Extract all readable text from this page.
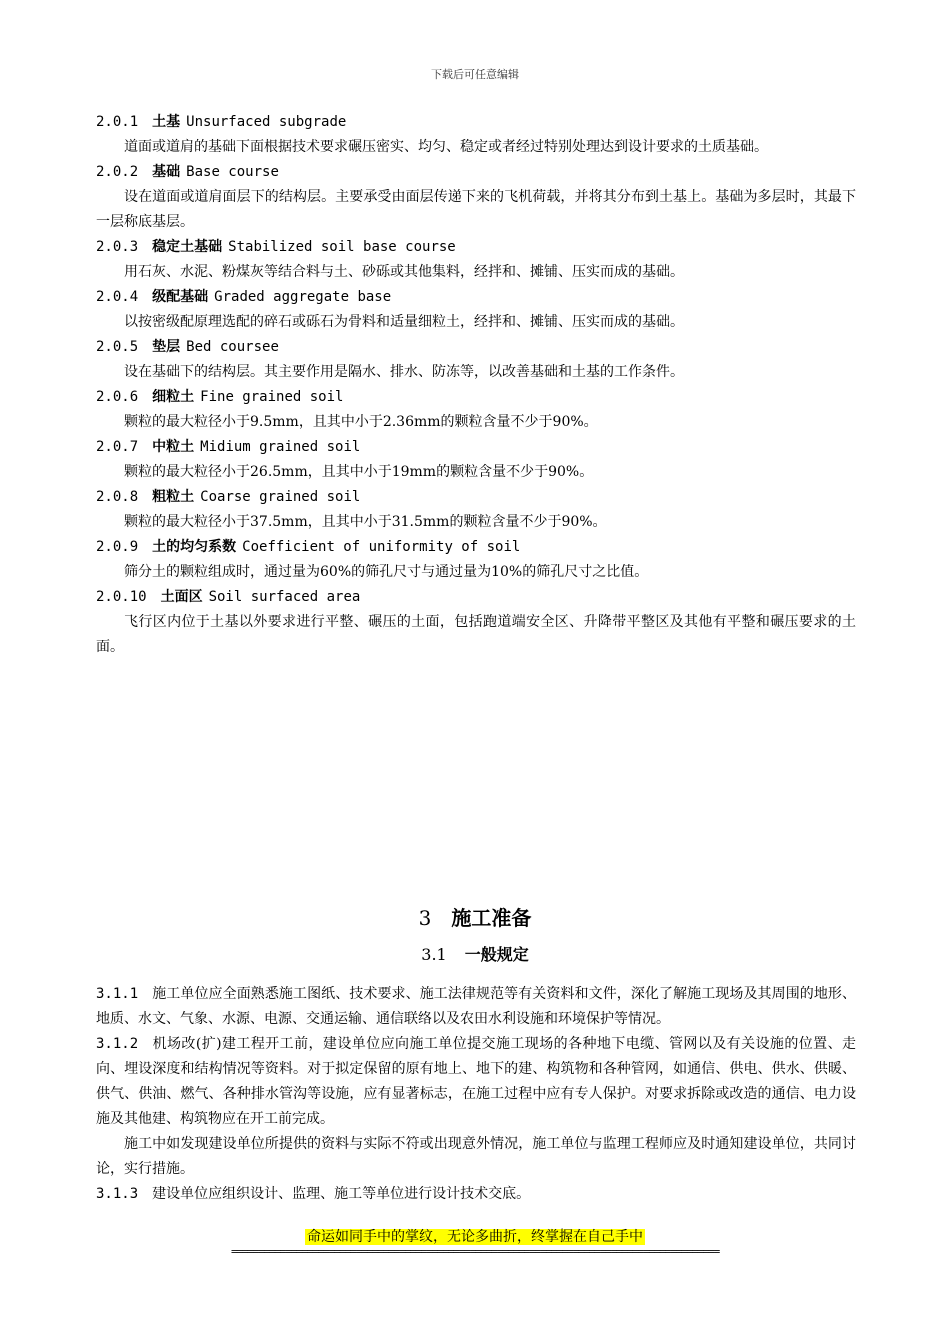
下载后可任意编辑
2.0.1 土基 Unsurfaced subgrade
道面或道肩的基础下面根据技术要求碾压密实、均匀、稳定或者经过特别处理达到设计要求的土质基础。
2.0.2 基础 Base course
设在道面或道肩面层下的结构层。主要承受由面层传递下来的飞机荷载，并将其分布到土基上。基础为多层时，其最下一层称底基层。
2.0.3 稳定土基础 Stabilized soil base course
用石灰、水泥、粉煤灰等结合料与土、砂砾或其他集料，经拌和、摊铺、压实而成的基础。
2.0.4 级配基础 Graded aggregate base
以按密级配原理选配的碎石或砾石为骨料和适量细粒土，经拌和、摊铺、压实而成的基础。
2.0.5 垫层 Bed coursee
设在基础下的结构层。其主要作用是隔水、排水、防冻等，以改善基础和土基的工作条件。
2.0.6 细粒土 Fine grained soil
颗粒的最大粒径小于9.5mm，且其中小于2.36mm的颗粒含量不少于90%。
2.0.7 中粒土 Midium grained soil
颗粒的最大粒径小于26.5mm，且其中小于19mm的颗粒含量不少于90%。
2.0.8 粗粒土 Coarse grained soil
颗粒的最大粒径小于37.5mm，且其中小于31.5mm的颗粒含量不少于90%。
2.0.9 土的均匀系数 Coefficient of uniformity of soil
筛分土的颗粒组成时，通过量为60%的筛孔尺寸与通过量为10%的筛孔尺寸之比值。
2.0.10 土面区 Soil surfaced area
飞行区内位于土基以外要求进行平整、碾压的土面，包括跑道端安全区、升降带平整区及其他有平整和碾压要求的土面。
3 施工准备
3.1 一般规定
3.1.1 施工单位应全面熟悉施工图纸、技术要求、施工法律规范等有关资料和文件，深化了解施工现场及其周围的地形、地质、水文、气象、水源、电源、交通运输、通信联络以及农田水利设施和环境保护等情况。
3.1.2 机场改(扩)建工程开工前，建设单位应向施工单位提交施工现场的各种地下电缆、管网以及有关设施的位置、走向、埋设深度和结构情况等资料。对于拟定保留的原有地上、地下的建、构筑物和各种管网，如通信、供电、供水、供暖、供气、供油、燃气、各种排水管沟等设施，应有显著标志，在施工过程中应有专人保护。对要求拆除或改造的通信、电力设施及其他建、构筑物应在开工前完成。
施工中如发现建设单位所提供的资料与实际不符或出现意外情况，施工单位与监理工程师应及时通知建设单位，共同讨论，实行措施。
3.1.3 建设单位应组织设计、监理、施工等单位进行设计技术交底。
命运如同手中的掌纹，无论多曲折，终掌握在自己手中
==========================================================================================
